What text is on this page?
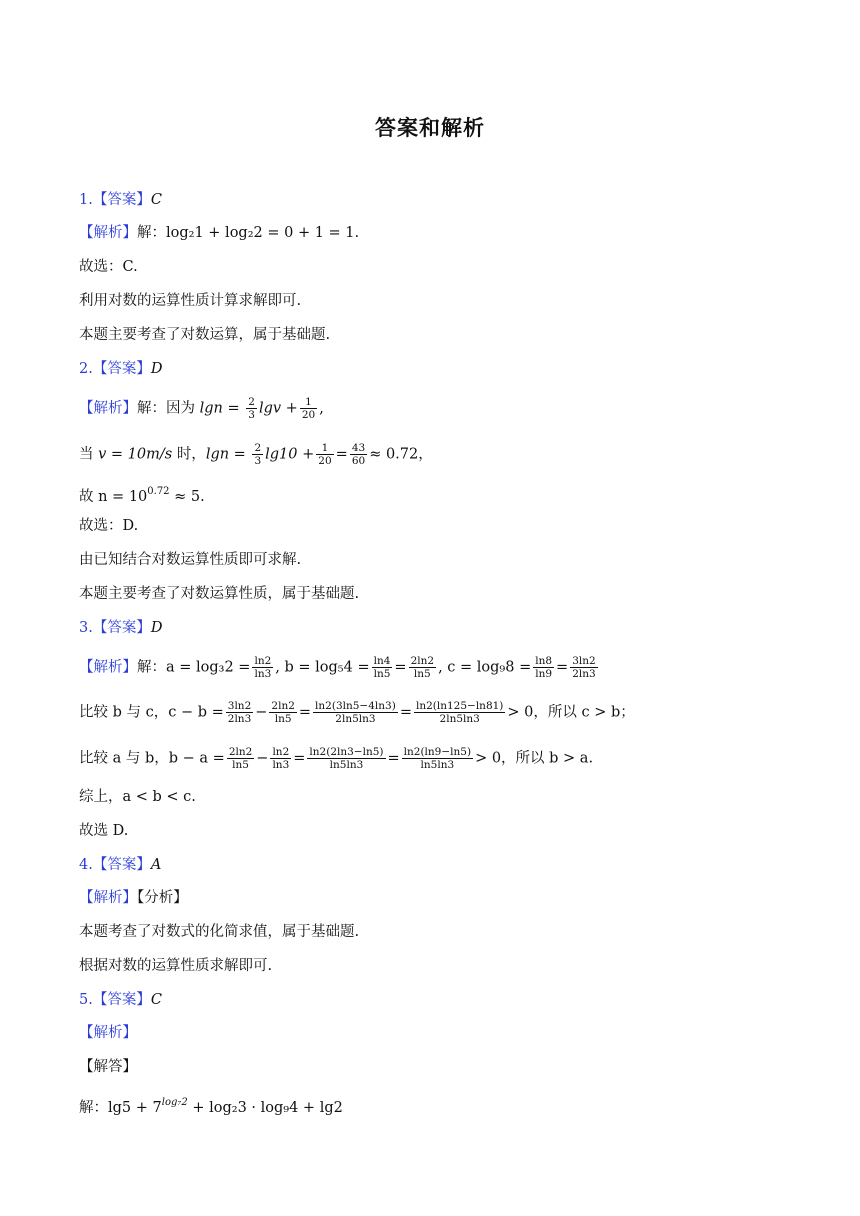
答案和解析
1.【答案】C
【解析】解：log₂1 + log₂2 = 0 + 1 = 1.
故选：C.
利用对数的运算性质计算求解即可.
本题主要考查了对数运算，属于基础题.
2.【答案】D
【解析】解：因为 $\lg n = \frac{2}{3}$ $\lg v + \frac{1}{20}$ ,
当 v = 10m/s 时，$\lg n = \frac{2}{3} \lg 10 + \frac{1}{20} = \frac{43}{60} \approx 0.72$，
故 $n = 10^{0.72} \approx 5$.
故选：D.
由已知结合对数运算性质即可求解.
本题主要考查了对数运算性质，属于基础题.
3.【答案】D
【解析】解：$a = \log_32 = \frac{\ln 2}{\ln 3}$ , $b = \log_54 = \frac{\ln 4}{\ln 5} = \frac{2\ln 2}{\ln 5}$ , $c = \log_98 = \frac{\ln 8}{\ln 9} = \frac{3\ln 2}{2\ln 3}$
比较 b 与 c，$c - b = \frac{3\ln 2}{2\ln 3} - \frac{2\ln 2}{\ln 5} = \frac{\ln 2(3\ln 5-4\ln 3)}{2\ln 5\ln 3} = \frac{\ln 2(\ln 125-\ln 81)}{2\ln 5\ln 3} > 0$，所以 c > b；
比较 a 与 b，$b - a = \frac{2\ln 2}{\ln 5} - \frac{\ln 2}{\ln 3} = \frac{\ln 2(2\ln 3-\ln 5)}{\ln 5\ln 3} = \frac{\ln 2(\ln 9-\ln 5)}{\ln 5\ln 3} > 0$，所以 b > a.
综上，a < b < c.
故选 D.
4.【答案】A
【解析】【分析】
本题考查了对数式的化简求值，属于基础题.
根据对数的运算性质求解即可.
5.【答案】C
【解析】
【解答】
解：$\lg 5 + 7^{log_72} + \log_23 \cdot \log_94 + \lg 2$
